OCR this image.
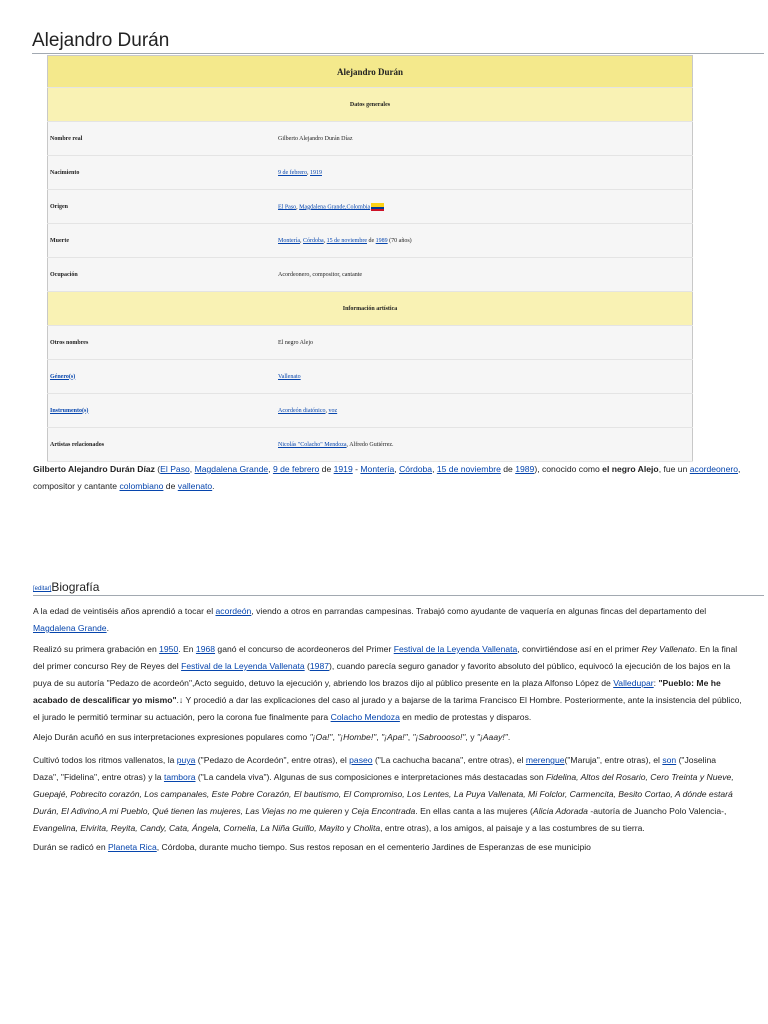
Alejandro Durán
Alejandro Durán	
Datos generales	
Nombre real	Gilberto Alejandro Durán Díaz
Nacimiento	9 de febrero, 1919
Origen	El Paso, Magdalena Grande,Colombia
Muerte	Montería, Córdoba, 15 de noviembre de 1989 (70 años)
Ocupación	Acordeonero, compositor, cantante
Información artística	
Otros nombres	El negro Alejo
Género(s)	Vallenato
Instrumento(s)	Acordeón diatónico, voz
Artistas relacionados	Nicolás "Colacho" Mendoza, Alfredo Gutiérrez.

Gilberto Alejandro Durán Díaz (El Paso, Magdalena Grande, 9 de febrero de 1919 - Montería, Córdoba, 15 de noviembre de 1989), conocido como el negro Alejo, fue un acordeonero, compositor y cantante colombiano de vallenato.

[editar]Biografía

A la edad de veintiséis años aprendió a tocar el acordeón, viendo a otros en parrandas campesinas. Trabajó como ayudante de vaquería en algunas fincas del departamento del Magdalena Grande.

Realizó su primera grabación en 1950. En 1968 ganó el concurso de acordeoneros del Primer Festival de la Leyenda Vallenata, convirtiéndose así en el primer Rey Vallenato. En la final del primer concurso Rey de Reyes del Festival de la Leyenda Vallenata (1987), cuando parecía seguro ganador y favorito absoluto del público, equivocó la ejecución de los bajos en la puya de su autoría "Pedazo de acordeón",Acto seguido, detuvo la ejecución y, abriendo los brazos dijo al público presente en la plaza Alfonso López de Valledupar: "Pueblo: Me he acabado de descalificar yo mismo".↓ Y procedió a dar las explicaciones del caso al jurado y a bajarse de la tarima Francisco El Hombre. Posteriormente, ante la insistencia del público, el jurado le permitió terminar su actuación, pero la corona fue finalmente para Colacho Mendoza en medio de protestas y disparos.

Alejo Durán acuñó en sus interpretaciones expresiones populares como "¡Oa!", "¡Hombe!", "¡Apa!", "¡Sabroooso!", y "¡Aaay!".

Cultivó todos los ritmos vallenatos, la puya ("Pedazo de Acordeón", entre otras), el paseo ("La cachucha bacana", entre otras), el merengue("Maruja", entre otras), el son ("Joselina Daza", "Fidelina", entre otras) y la tambora ("La candela viva"). Algunas de sus composiciones e interpretaciones más destacadas son Fidelina, Altos del Rosario, Cero Treinta y Nueve, Guepajé, Pobrecito corazón, Los campanales, Este Pobre Corazón, El bautismo, El Compromiso, Los Lentes, La Puya Vallenata, Mi Folclor, Carmencita, Besito Cortao, A dónde estará Durán, El Adivino,A mi Pueblo, Qué tienen las mujeres, Las Viejas no me quieren y Ceja Encontrada. En ellas canta a las mujeres (Alicia Adorada -autoría de Juancho Polo Valencia-, Evangelina, Elvirita, Reyita, Candy, Cata, Ángela, Cornelia, La Niña Guillo, Mayito y Cholita, entre otras), a los amigos, al paisaje y a las costumbres de su tierra.

Durán se radicó en Planeta Rica, Córdoba, durante mucho tiempo. Sus restos reposan en el cementerio Jardines de Esperanzas de ese municipio
